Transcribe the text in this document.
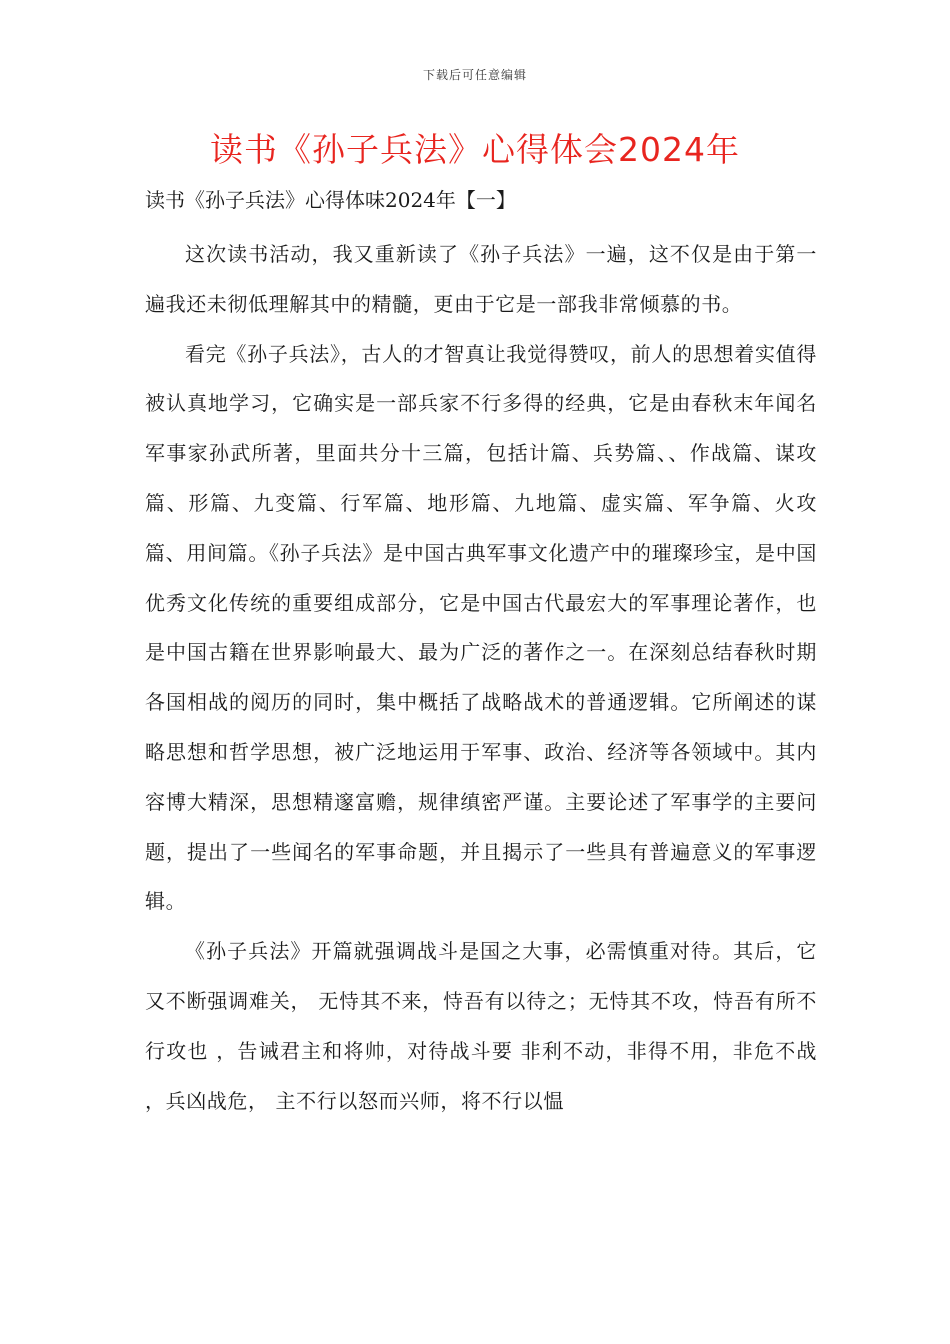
下载后可任意编辑
读书《孙子兵法》心得体会2024年
读书《孙子兵法》心得体味2024年【一】

这次读书活动，我又重新读了《孙子兵法》一遍，这不仅是由于第一遍我还未彻低理解其中的精髓，更由于它是一部我非常倾慕的书。

看完《孙子兵法》，古人的才智真让我觉得赞叹，前人的思想着实值得被认真地学习，它确实是一部兵家不行多得的经典，它是由春秋末年闻名军事家孙武所著，里面共分十三篇，包括计篇、兵势篇、、作战篇、谋攻篇、形篇、九变篇、行军篇、地形篇、九地篇、虚实篇、军争篇、火攻篇、用间篇。《孙子兵法》是中国古典军事文化遗产中的璀璨珍宝，是中国优秀文化传统的重要组成部分，它是中国古代最宏大的军事理论著作，也是中国古籍在世界影响最大、最为广泛的著作之一。在深刻总结春秋时期各国相战的阅历的同时，集中概括了战略战术的普通逻辑。它所阐述的谋略思想和哲学思想，被广泛地运用于军事、政治、经济等各领域中。其内容博大精深，思想精邃富赡，规律缜密严谨。主要论述了军事学的主要问题，提出了一些闻名的军事命题，并且揭示了一些具有普遍意义的军事逻辑。

《孙子兵法》开篇就强调战斗是国之大事，必需慎重对待。其后，它又不断强调难关， 无恃其不来，恃吾有以待之；无恃其不攻，恃吾有所不行攻也 ，告诫君主和将帅，对待战斗要 非利不动，非得不用，非危不战 ，兵凶战危， 主不行以怒而兴师，将不行以愠
